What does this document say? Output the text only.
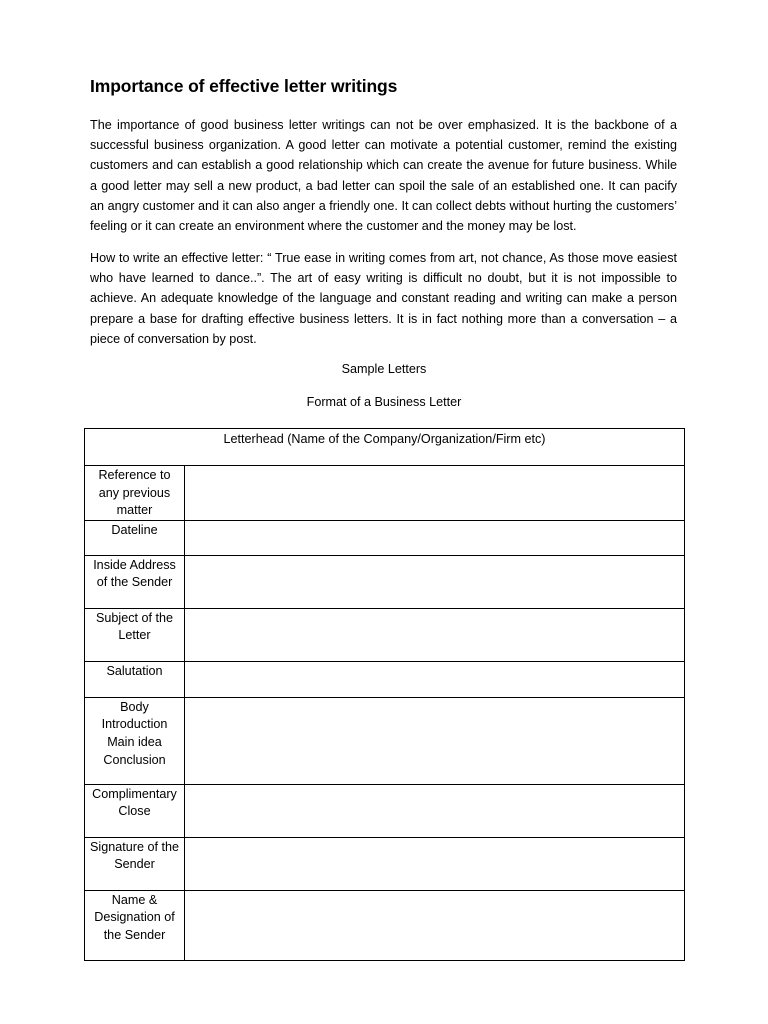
Importance of effective letter writings

The importance of good business letter writings can not be over emphasized. It is the backbone of a successful business organization. A good letter can motivate a potential customer, remind the existing customers and can establish a good relationship which can create the avenue for future business. While a good letter may sell a new product, a bad letter can spoil the sale of an established one. It can pacify an angry customer and it can also anger a friendly one. It can collect debts without hurting the customers’ feeling or it can create an environment where the customer and the money may be lost.

How to write an effective letter: “ True ease in writing comes from art, not chance, As those move easiest who have learned to dance..”. The art of easy writing is difficult no doubt, but it is not impossible to achieve. An adequate knowledge of the language and constant reading and writing can make a person prepare a base for drafting effective business letters. It is in fact nothing more than a conversation – a piece of conversation by post.

Sample Letters

Format of a Business Letter

Letterhead (Name of the Company/Organization/Firm etc)	

Reference to any previous matter	

Dateline	

Inside Address of the Sender	

Subject of the Letter	

Salutation	

Body Introduction Main idea Conclusion	

Complimentary Close	

Signature of the Sender	

Name & Designation of the Sender	
